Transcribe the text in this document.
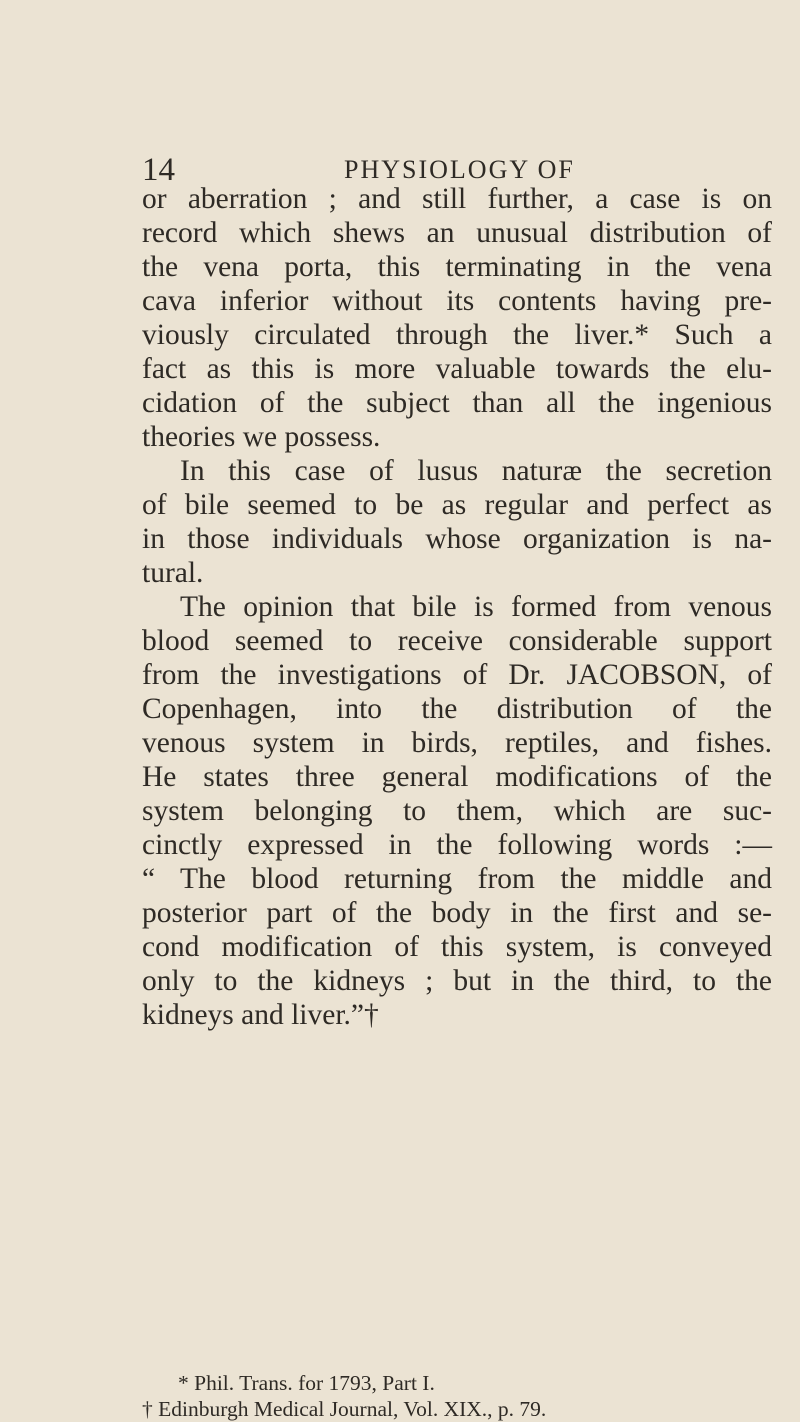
14	PHYSIOLOGY OF
or aberration ; and still further, a case is on
record which shews an unusual distribution of
the vena porta, this terminating in the vena
cava inferior without its contents having pre-
viously circulated through the liver.* Such a
fact as this is more valuable towards the elu-
cidation of the subject than all the ingenious
theories we possess.
In this case of lusus naturæ the secretion
of bile seemed to be as regular and perfect as
in those individuals whose organization is na-
tural.
The opinion that bile is formed from venous
blood seemed to receive considerable support
from the investigations of Dr. JACOBSON, of
Copenhagen, into the distribution of the
venous system in birds, reptiles, and fishes.
He states three general modifications of the
system belonging to them, which are suc-
cinctly expressed in the following words :—
“ The blood returning from the middle and
posterior part of the body in the first and se-
cond modification of this system, is conveyed
only to the kidneys ; but in the third, to the
kidneys and liver.”†
* Phil. Trans. for 1793, Part I.
† Edinburgh Medical Journal, Vol. XIX., p. 79.
